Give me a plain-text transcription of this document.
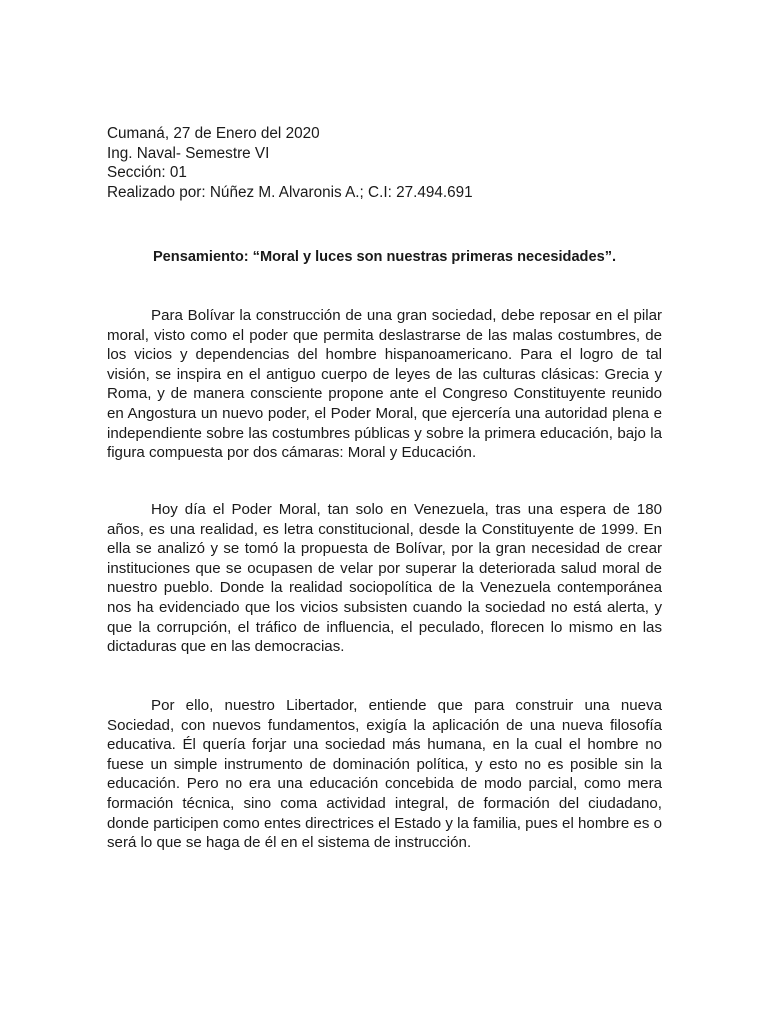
Cumaná, 27 de Enero del 2020
Ing. Naval- Semestre VI
Sección: 01
Realizado por: Núñez M. Alvaronis A.; C.I: 27.494.691
Pensamiento: “Moral y luces son nuestras primeras necesidades”.

Para Bolívar la construcción de una gran sociedad, debe reposar en el pilar moral, visto como el poder que permita deslastrarse de las malas costumbres, de los vicios y dependencias del hombre hispanoamericano. Para el logro de tal visión, se inspira en el antiguo cuerpo de leyes de las culturas clásicas: Grecia y Roma, y de manera consciente propone ante el Congreso Constituyente reunido en Angostura un nuevo poder, el Poder Moral, que ejercería una autoridad plena e independiente sobre las costumbres públicas y sobre la primera educación, bajo la figura compuesta por dos cámaras: Moral y Educación.

Hoy día el Poder Moral, tan solo en Venezuela, tras una espera de 180 años, es una realidad, es letra constitucional, desde la Constituyente de 1999. En ella se analizó y se tomó la propuesta de Bolívar, por la gran necesidad de crear instituciones que se ocupasen de velar por superar la deteriorada salud moral de nuestro pueblo. Donde la realidad sociopolítica de la Venezuela contemporánea nos ha evidenciado que los vicios subsisten cuando la sociedad no está alerta, y que la corrupción, el tráfico de influencia, el peculado, florecen lo mismo en las dictaduras que en las democracias.

Por ello, nuestro Libertador, entiende que para construir una nueva Sociedad, con nuevos fundamentos, exigía la aplicación de una nueva filosofía educativa. Él quería forjar una sociedad más humana, en la cual el hombre no fuese un simple instrumento de dominación política, y esto no es posible sin la educación. Pero no era una educación concebida de modo parcial, como mera formación técnica, sino coma actividad integral, de formación del ciudadano, donde participen como entes directrices el Estado y la familia, pues el hombre es o será lo que se haga de él en el sistema de instrucción.
